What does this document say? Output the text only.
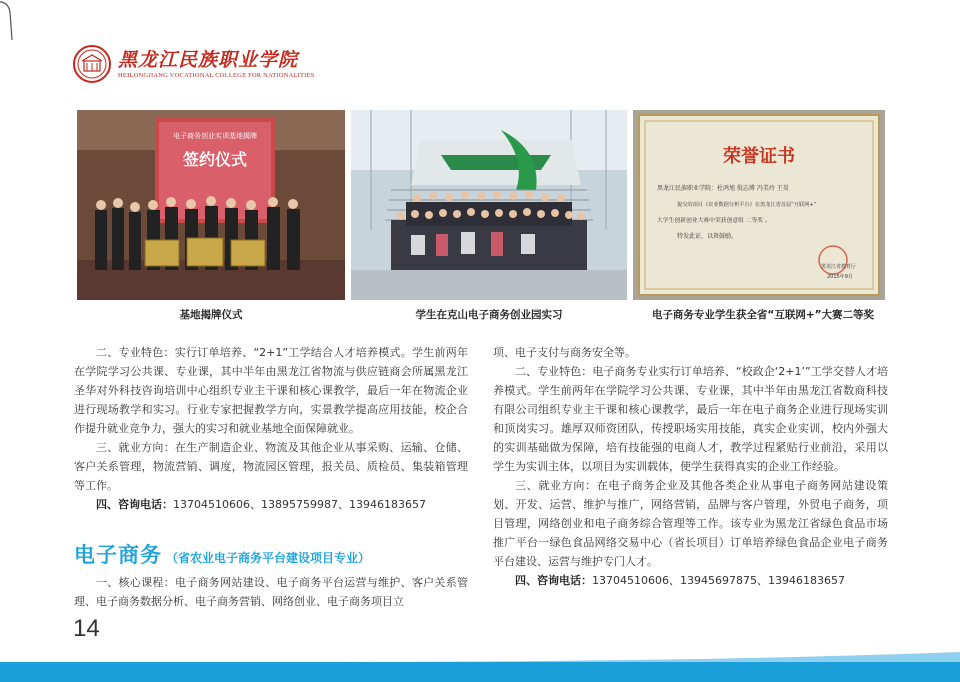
黑龙江民族职业学院
HEILONGJIANG VOCATIONAL COLLEGE FOR NATIONALITIES
电子商务创业实训基地揭牌
签约仪式	荣誉证书
黑龙江民族职业学院：杜鸿旭 倪志博 冯美玲 王昊
提交的项目《农业数据分析平台》在黑龙江省首届“互联网+”
大学生创新创业大赛中荣获创意组 二等奖 。
特发此证，以资鼓励。
黑龙江省教育厅
2015年9月
基地揭牌仪式	学生在克山电子商务创业园实习	电子商务专业学生获全省“互联网+”大赛二等奖

二、专业特色：实行订单培养、“2+1”工学结合人才培养模式。学生前两年在学院学习公共课、专业课，其中半年由黑龙江省物流与供应链商会所属黑龙江圣华对外科技咨询培训中心组织专业主干课和核心课教学，最后一年在物流企业进行现场教学和实习。行业专家把握教学方向，实景教学提高应用技能，校企合作提升就业竞争力，强大的实习和就业基地全面保障就业。

三、就业方向：在生产制造企业、物流及其他企业从事采购、运输、仓储、客户关系管理，物流营销、调度，物流园区管理，报关员、质检员、集装箱管理等工作。

四、咨询电话：13704510606、13895759987、13946183657

电子商务 （省农业电子商务平台建设项目专业）

一、核心课程：电子商务网站建设、电子商务平台运营与维护、客户关系管理、电子商务数据分析、电子商务营销、网络创业、电子商务项目立

项、电子支付与商务安全等。

二、专业特色：电子商务专业实行订单培养、“校政企‘2+1’”工学交替人才培养模式。学生前两年在学院学习公共课、专业课，其中半年由黑龙江省数商科技有限公司组织专业主干课和核心课教学，最后一年在电子商务企业进行现场实训和顶岗实习。雄厚双师资团队，传授职场实用技能，真实企业实训，校内外强大的实训基础做为保障，培有技能强的电商人才，教学过程紧贴行业前沿，采用以学生为实训主体，以项目为实训载体，使学生获得真实的企业工作经验。

三、就业方向：在电子商务企业及其他各类企业从事电子商务网站建设策划、开发、运营、维护与推广，网络营销，品牌与客户管理，外贸电子商务，项目管理，网络创业和电子商务综合管理等工作。该专业为黑龙江省绿色食品市场推广平台一绿色食品网络交易中心（省长项目）订单培养绿色食品企业电子商务平台建设、运营与维护专门人才。

四、咨询电话：13704510606、13945697875、13946183657

14
